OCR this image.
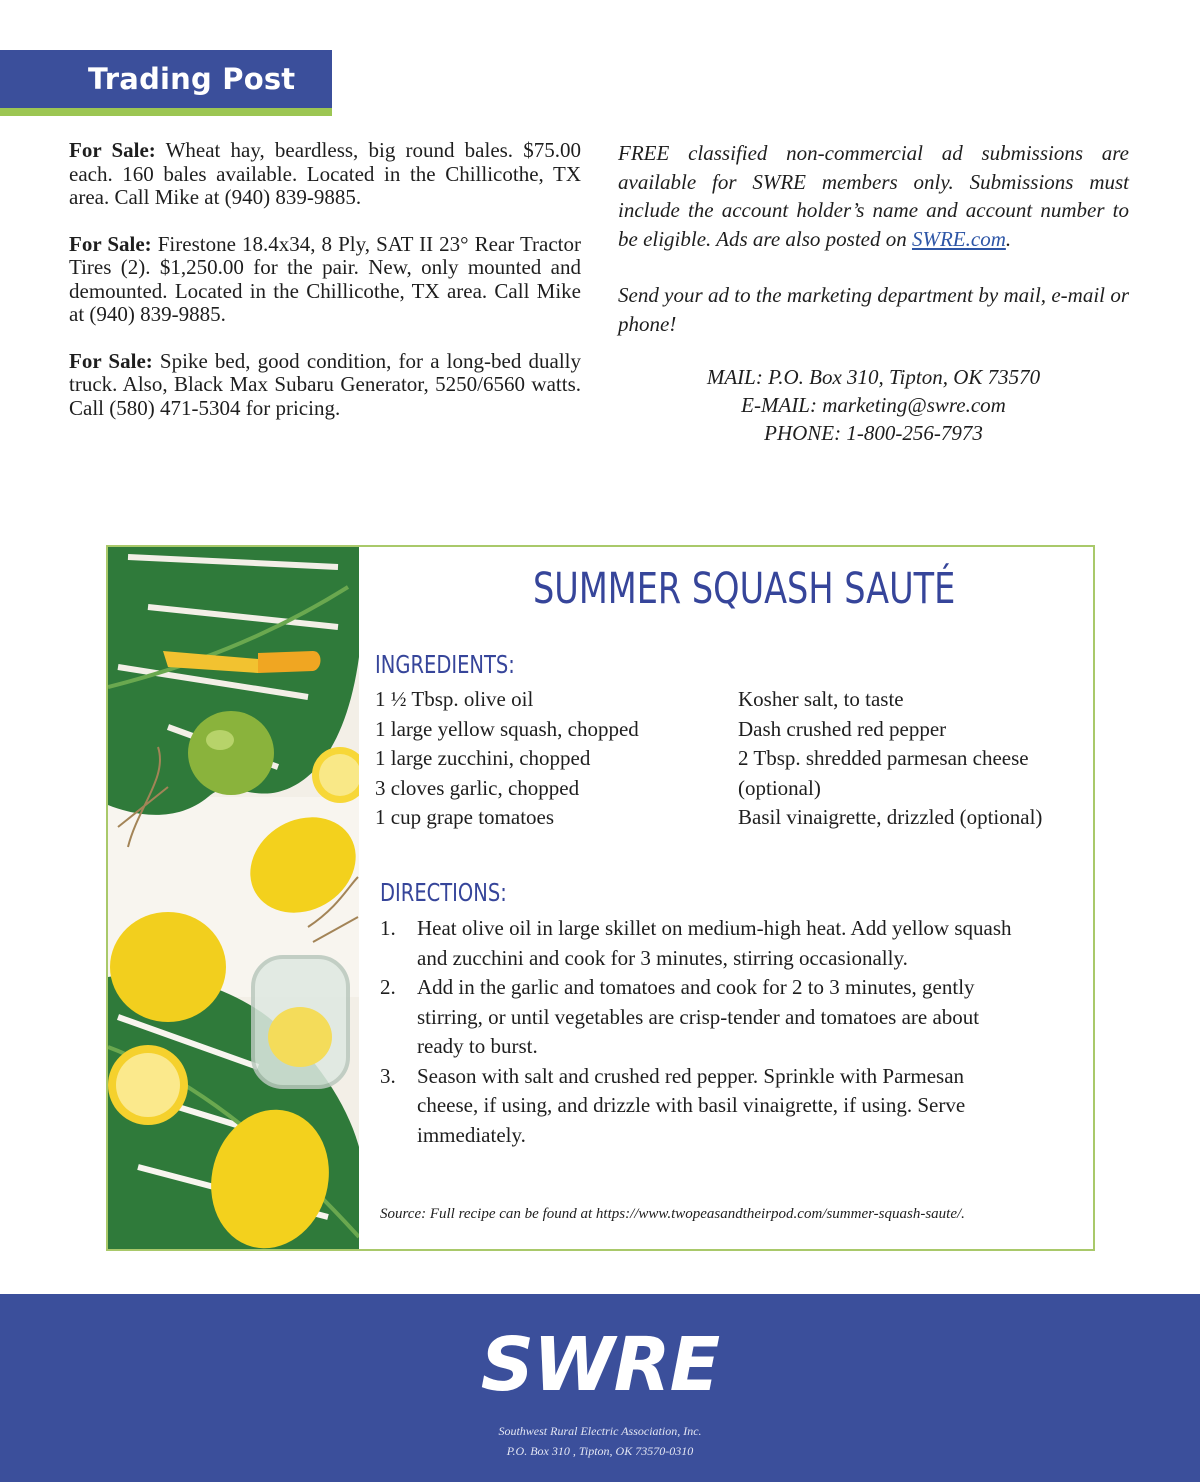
Trading Post

For Sale: Wheat hay, beardless, big round bales. $75.00 each. 160 bales available. Located in the Chillicothe, TX area. Call Mike at (940) 839-9885.

For Sale: Firestone 18.4x34, 8 Ply, SAT II 23° Rear Tractor Tires (2). $1,250.00 for the pair. New, only mounted and demounted. Located in the Chillicothe, TX area. Call Mike at (940) 839-9885.

For Sale: Spike bed, good condition, for a long-bed dually truck. Also, Black Max Subaru Generator, 5250/6560 watts. Call (580) 471-5304 for pricing.

FREE classified non-commercial ad submissions are available for SWRE members only. Submissions must include the account holder’s name and account number to be eligible. Ads are also posted on SWRE.com.

Send your ad to the marketing department by mail, e-mail or phone!

MAIL: P.O. Box 310, Tipton, OK 73570
E-MAIL: marketing@swre.com
PHONE: 1-800-256-7973
SUMMER SQUASH SAUTÉ
INGREDIENTS:
1 ½ Tbsp. olive oil
1 large yellow squash, chopped
1 large zucchini, chopped
3 cloves garlic, chopped
1 cup grape tomatoes
Kosher salt, to taste
Dash crushed red pepper
2 Tbsp. shredded parmesan cheese
(optional)
Basil vinaigrette, drizzled (optional)
DIRECTIONS:
1. Heat olive oil in large skillet on medium-high heat. Add yellow squash
and zucchini and cook for 3 minutes, stirring occasionally.
2. Add in the garlic and tomatoes and cook for 2 to 3 minutes, gently
stirring, or until vegetables are crisp-tender and tomatoes are about
ready to burst.
3. Season with salt and crushed red pepper. Sprinkle with Parmesan
cheese, if using, and drizzle with basil vinaigrette, if using. Serve
immediately.
Source: Full recipe can be found at https://www.twopeasandtheirpod.com/summer-squash-saute/.
SWRE
Southwest Rural Electric Association, Inc.
P.O. Box 310 , Tipton, OK 73570-0310
